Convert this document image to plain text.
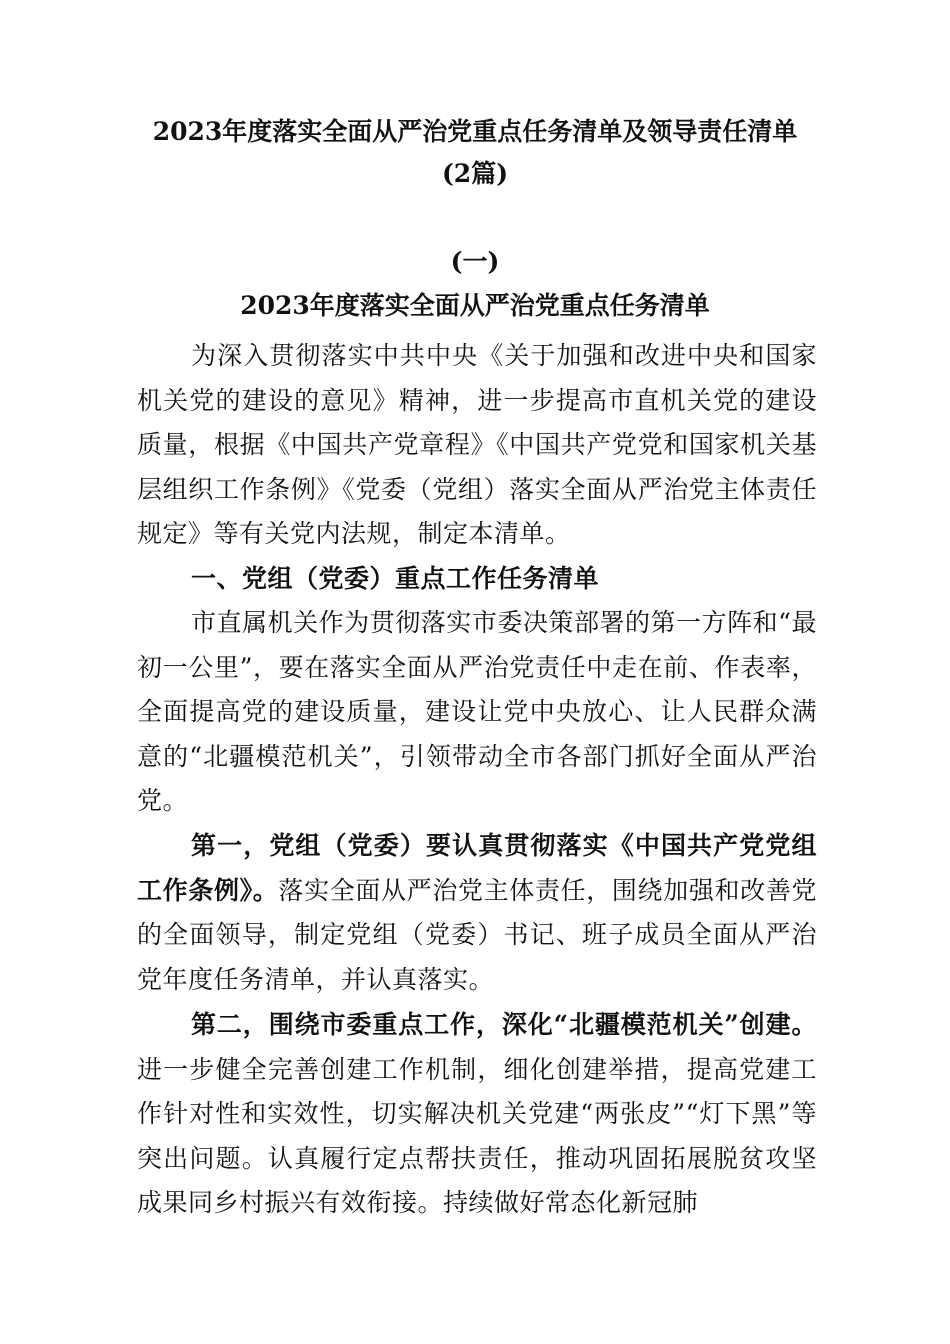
2023年度落实全面从严治党重点任务清单及领导责任清单
(2篇)
(一)
2023年度落实全面从严治党重点任务清单

为深入贯彻落实中共中央《关于加强和改进中央和国家机关党的建设的意见》精神，进一步提高市直机关党的建设质量，根据《中国共产党章程》《中国共产党党和国家机关基层组织工作条例》《党委（党组）落实全面从严治党主体责任规定》等有关党内法规，制定本清单。

一、党组（党委）重点工作任务清单

市直属机关作为贯彻落实市委决策部署的第一方阵和“最初一公里”，要在落实全面从严治党责任中走在前、作表率，全面提高党的建设质量，建设让党中央放心、让人民群众满意的“北疆模范机关”，引领带动全市各部门抓好全面从严治党。

第一，党组（党委）要认真贯彻落实《中国共产党党组工作条例》。落实全面从严治党主体责任，围绕加强和改善党的全面领导，制定党组（党委）书记、班子成员全面从严治党年度任务清单，并认真落实。

第二，围绕市委重点工作，深化“北疆模范机关”创建。进一步健全完善创建工作机制，细化创建举措，提高党建工作针对性和实效性，切实解决机关党建“两张皮”“灯下黑”等突出问题。认真履行定点帮扶责任，推动巩固拓展脱贫攻坚成果同乡村振兴有效衔接。持续做好常态化新冠肺
